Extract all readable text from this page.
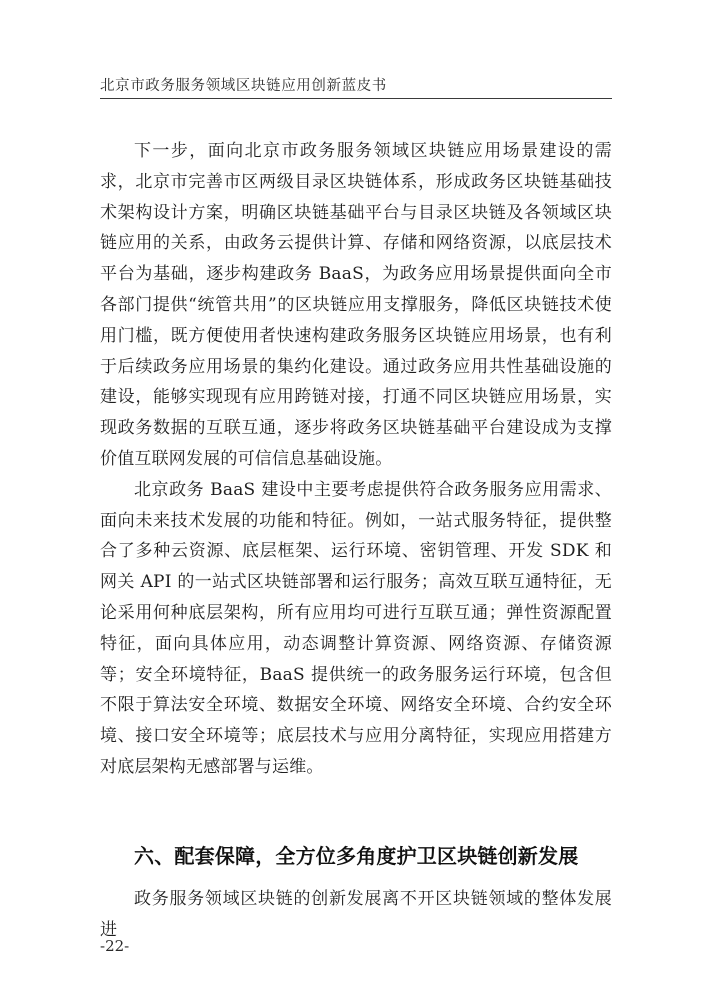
北京市政务服务领域区块链应用创新蓝皮书

下一步，面向北京市政务服务领域区块链应用场景建设的需求，北京市完善市区两级目录区块链体系，形成政务区块链基础技术架构设计方案，明确区块链基础平台与目录区块链及各领域区块链应用的关系，由政务云提供计算、存储和网络资源，以底层技术平台为基础，逐步构建政务 BaaS，为政务应用场景提供面向全市各部门提供“统管共用”的区块链应用支撑服务，降低区块链技术使用门槛，既方便使用者快速构建政务服务区块链应用场景，也有利于后续政务应用场景的集约化建设。通过政务应用共性基础设施的建设，能够实现现有应用跨链对接，打通不同区块链应用场景，实现政务数据的互联互通，逐步将政务区块链基础平台建设成为支撑价值互联网发展的可信信息基础设施。

北京政务 BaaS 建设中主要考虑提供符合政务服务应用需求、面向未来技术发展的功能和特征。例如，一站式服务特征，提供整合了多种云资源、底层框架、运行环境、密钥管理、开发 SDK 和网关 API 的一站式区块链部署和运行服务；高效互联互通特征，无论采用何种底层架构，所有应用均可进行互联互通；弹性资源配置特征，面向具体应用，动态调整计算资源、网络资源、存储资源等；安全环境特征，BaaS 提供统一的政务服务运行环境，包含但不限于算法安全环境、数据安全环境、网络安全环境、合约安全环境、接口安全环境等；底层技术与应用分离特征，实现应用搭建方对底层架构无感部署与运维。

六、配套保障，全方位多角度护卫区块链创新发展

政务服务领域区块链的创新发展离不开区块链领域的整体发展进

-22-
